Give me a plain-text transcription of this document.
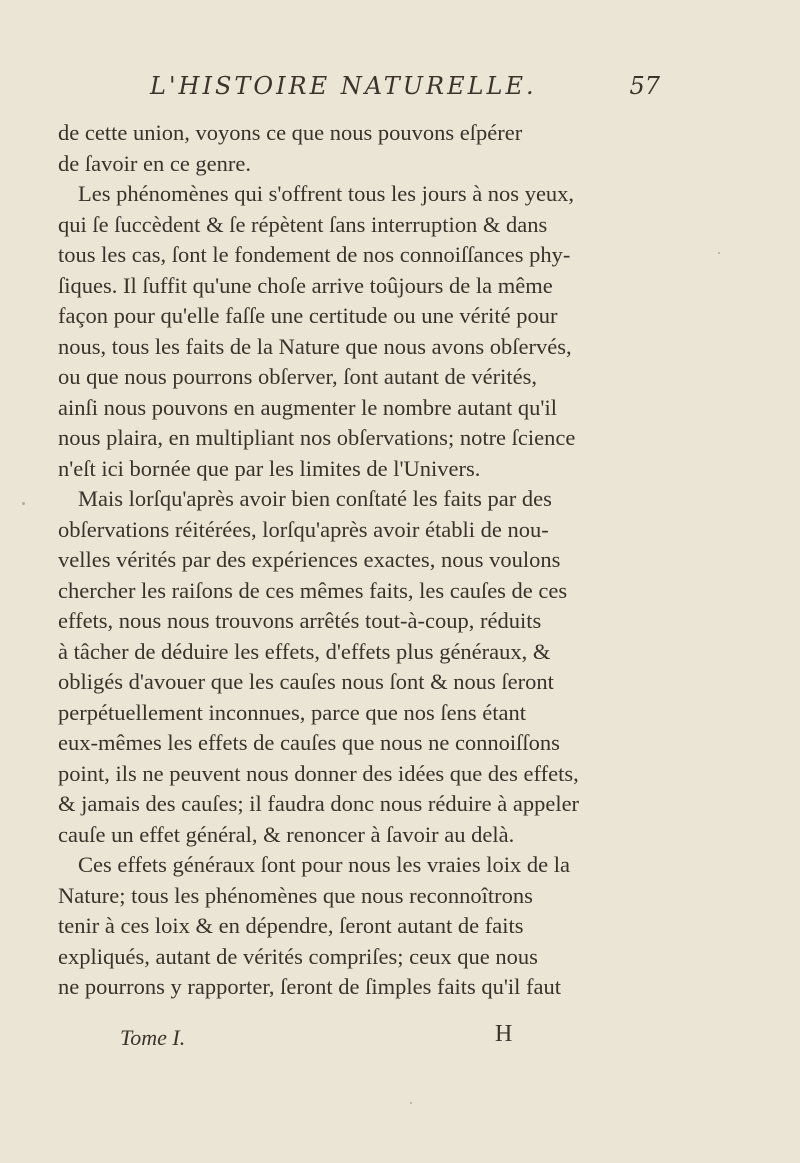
L'HISTOIRE NATURELLE.	57
de cette union, voyons ce que nous pouvons eſpérer
de ſavoir en ce genre.
Les phénomènes qui s'offrent tous les jours à nos yeux,
qui ſe ſuccèdent & ſe répètent ſans interruption & dans
tous les cas, ſont le fondement de nos connoiſſances phy-
ſiques. Il ſuffit qu'une choſe arrive toûjours de la même
façon pour qu'elle faſſe une certitude ou une vérité pour
nous, tous les faits de la Nature que nous avons obſervés,
ou que nous pourrons obſerver, ſont autant de vérités,
ainſi nous pouvons en augmenter le nombre autant qu'il
nous plaira, en multipliant nos obſervations; notre ſcience
n'eſt ici bornée que par les limites de l'Univers.
Mais lorſqu'après avoir bien conſtaté les faits par des
obſervations réitérées, lorſqu'après avoir établi de nou-
velles vérités par des expériences exactes, nous voulons
chercher les raiſons de ces mêmes faits, les cauſes de ces
effets, nous nous trouvons arrêtés tout-à-coup, réduits
à tâcher de déduire les effets, d'effets plus généraux, &
obligés d'avouer que les cauſes nous ſont & nous ſeront
perpétuellement inconnues, parce que nos ſens étant
eux-mêmes les effets de cauſes que nous ne connoiſſons
point, ils ne peuvent nous donner des idées que des effets,
& jamais des cauſes; il faudra donc nous réduire à appeler
cauſe un effet général, & renoncer à ſavoir au delà.
Ces effets généraux ſont pour nous les vraies loix de la
Nature; tous les phénomènes que nous reconnoîtrons
tenir à ces loix & en dépendre, ſeront autant de faits
expliqués, autant de vérités compriſes; ceux que nous
ne pourrons y rapporter, ſeront de ſimples faits qu'il faut
Tome I.	H
